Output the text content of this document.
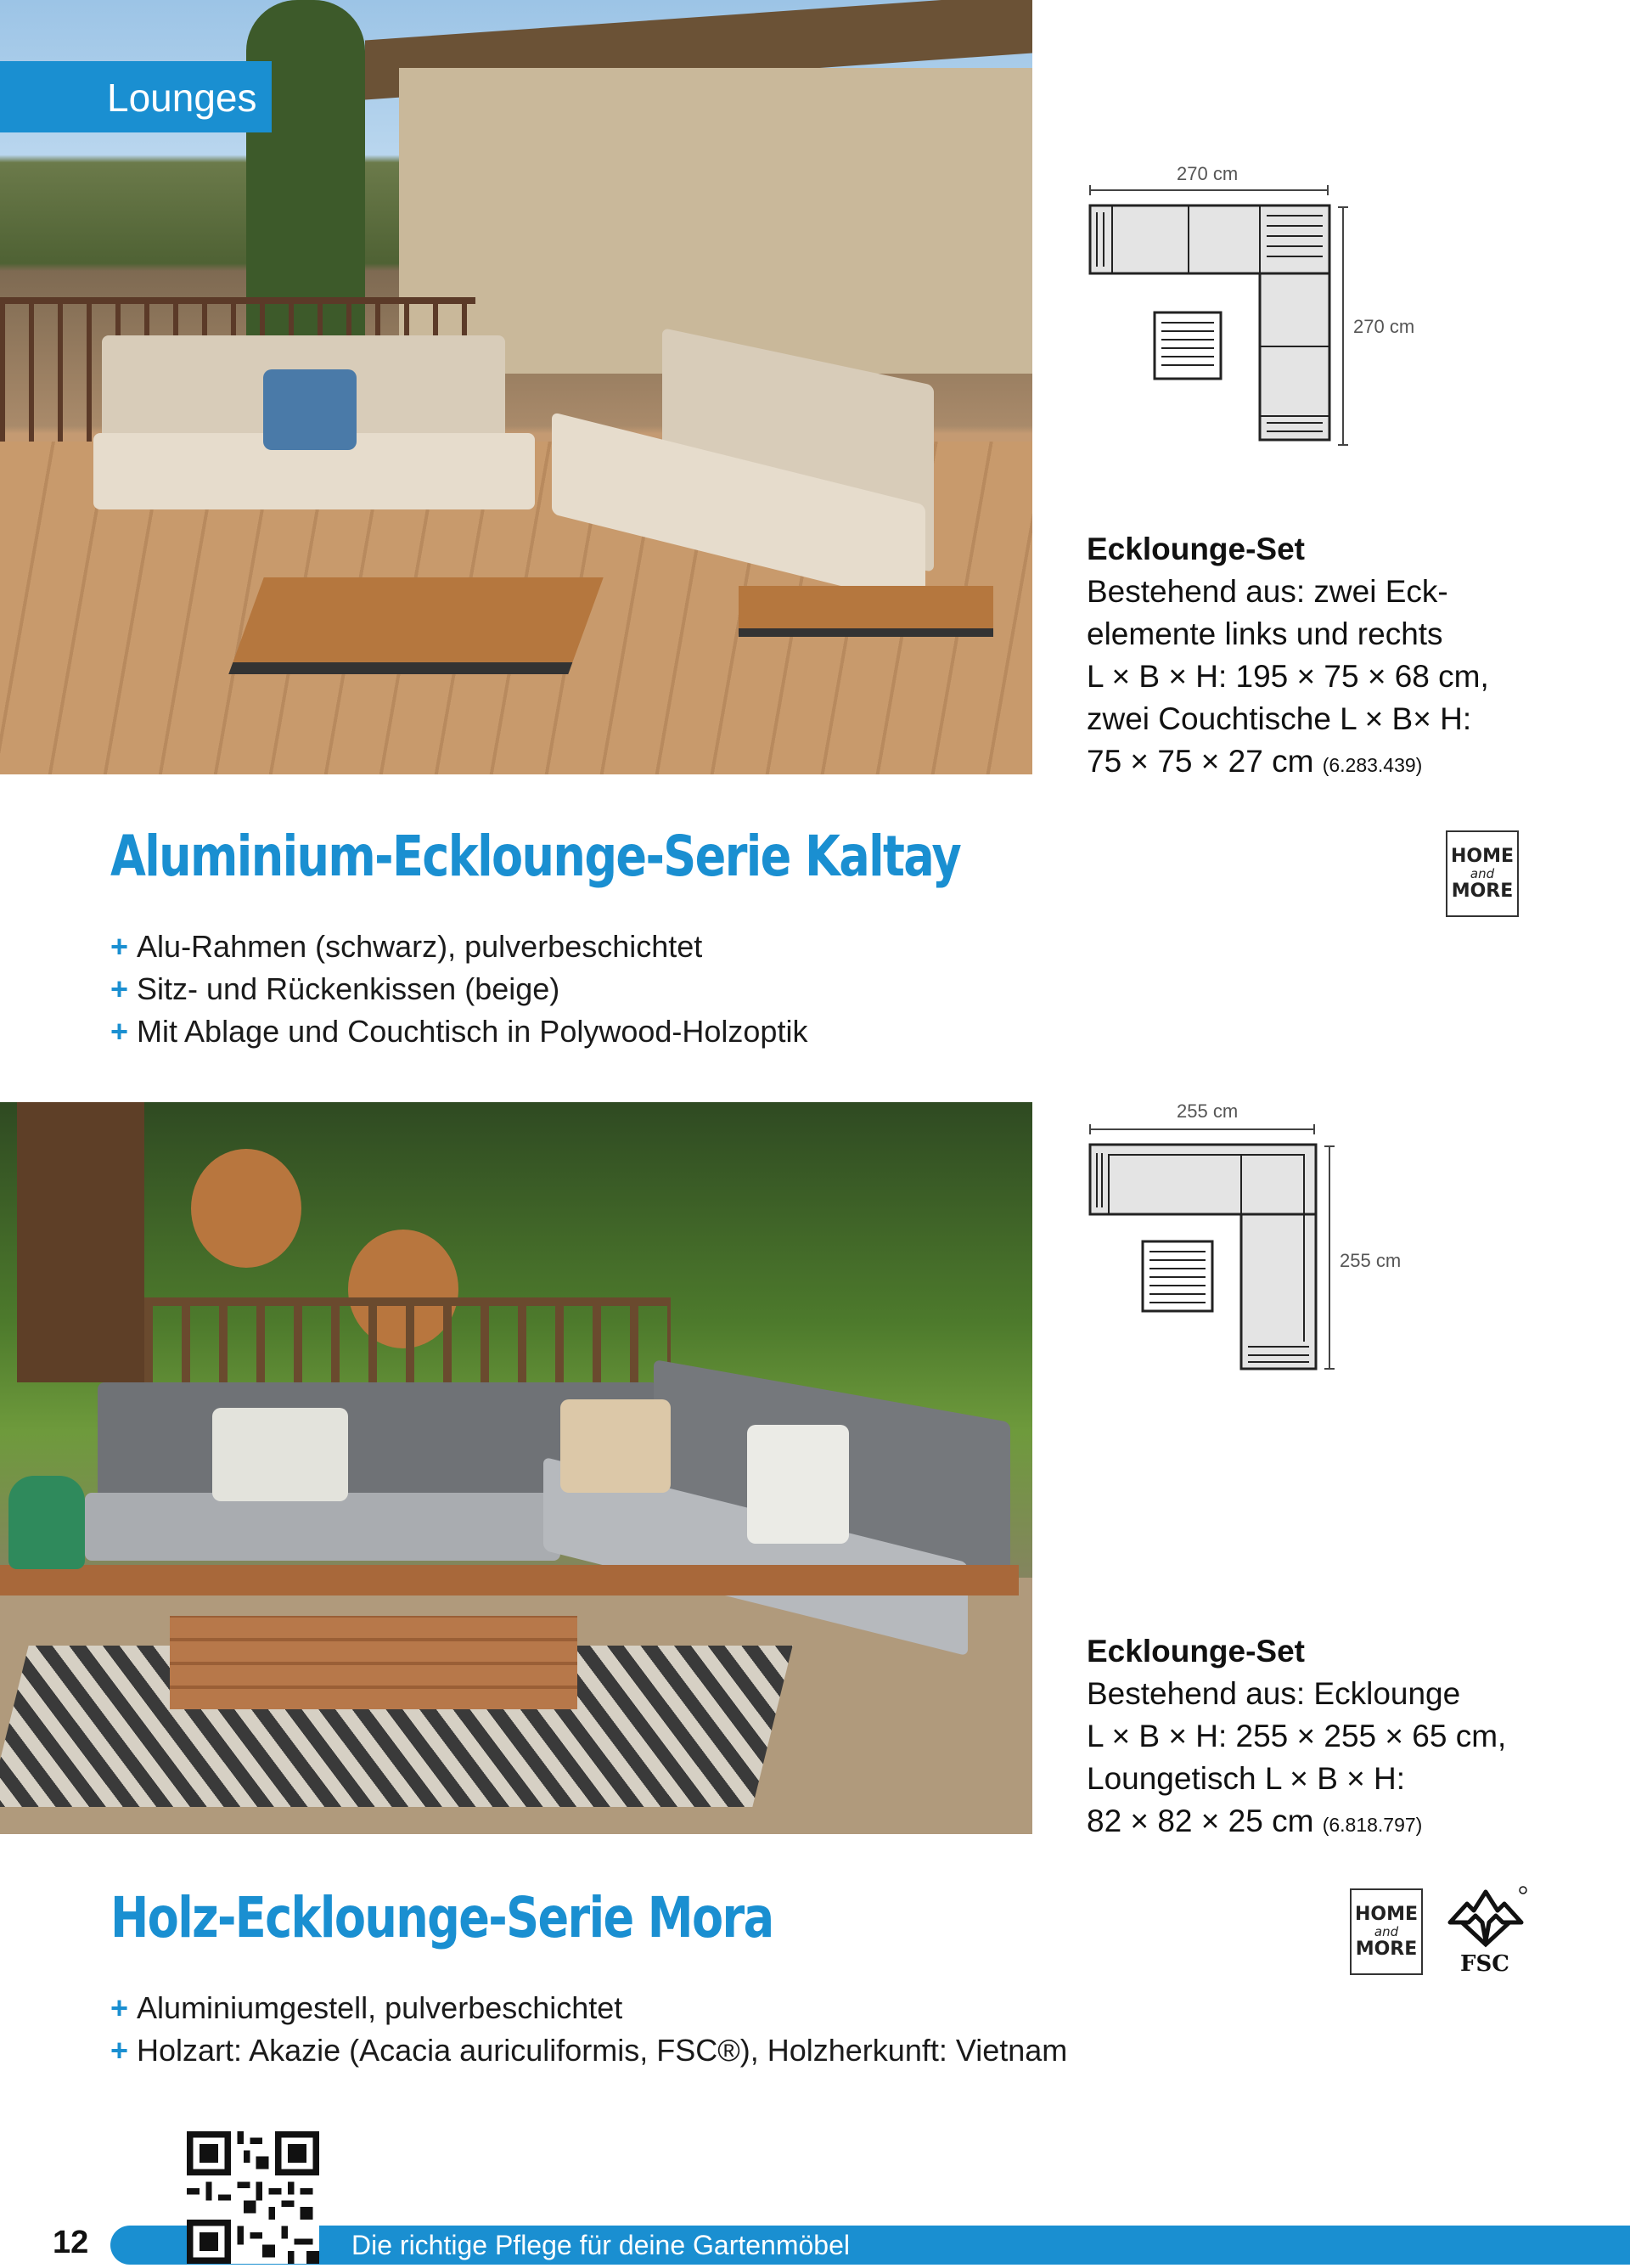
Lounges
270 cm
270 cm
Ecklounge-Set
Bestehend aus: zwei Eck-
elemente links und rechts
L × B × H: 195 × 75 × 68 cm,
zwei Couchtische L × B× H:
75 × 75 × 27 cm (6.283.439)
Aluminium-Ecklounge-Serie Kaltay
+ Alu-Rahmen (schwarz), pulverbeschichtet
+ Sitz- und Rückenkissen (beige)
+ Mit Ablage und Couchtisch in Polywood-Holzoptik
HOME
and
MORE
255 cm
255 cm
Ecklounge-Set
Bestehend aus: Ecklounge
L × B × H: 255 × 255 × 65 cm,
Loungetisch L × B × H:
82 × 82 × 25 cm (6.818.797)
Holz-Ecklounge-Serie Mora
+ Aluminiumgestell, pulverbeschichtet
+ Holzart: Akazie (Acacia auriculiformis, FSC®), Holzherkunft: Vietnam
HOME
and
MORE
FSC
12	Die richtige Pflege für deine Gartenmöbel
